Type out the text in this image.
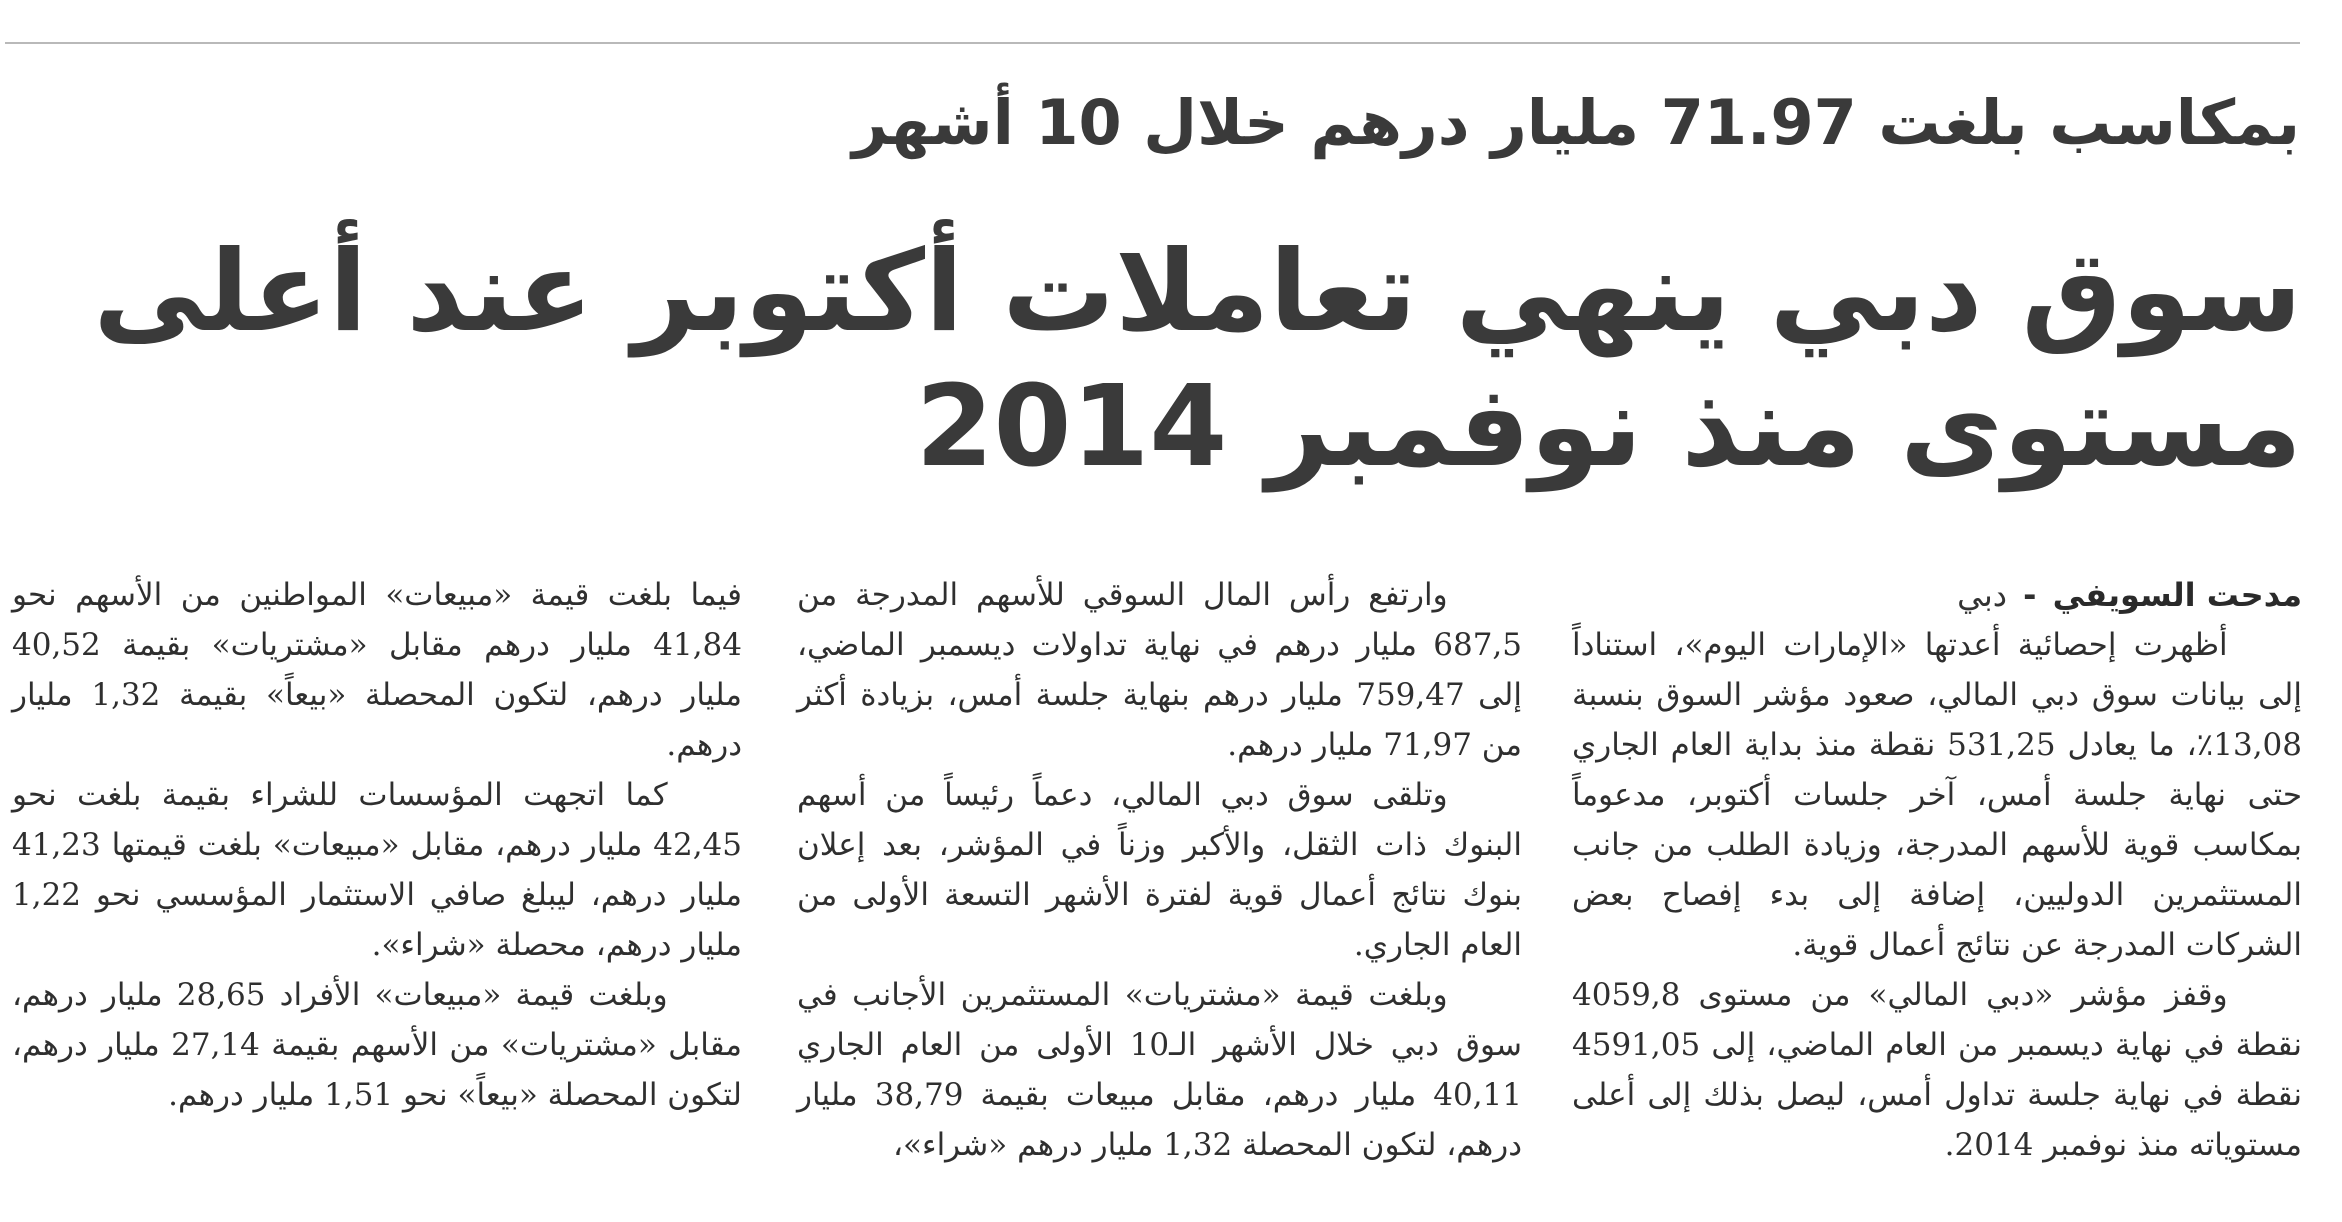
بمكاسب بلغت 71.97 مليار درهم خلال 10 أشهر
سوق دبي ينهي تعاملات أكتوبر عند أعلى
مستوى منذ نوفمبر 2014
مدحت السويفي - دبي
أظهرت إحصائية أعدتها «الإمارات اليوم»، استناداً إلى بيانات سوق دبي المالي، صعود مؤشر السوق بنسبة 13,08٪، ما يعادل 531,25 نقطة منذ بداية العام الجاري حتى نهاية جلسة أمس، آخر جلسات أكتوبر، مدعوماً بمكاسب قوية للأسهم المدرجة، وزيادة الطلب من جانب المستثمرين الدوليين، إضافة إلى بدء إفصاح بعض الشركات المدرجة عن نتائج أعمال قوية.
وقفز مؤشر «دبي المالي» من مستوى 4059,8 نقطة في نهاية ديسمبر من العام الماضي، إلى 4591,05 نقطة في نهاية جلسة تداول أمس، ليصل بذلك إلى أعلى مستوياته منذ نوفمبر 2014.
وارتفع رأس المال السوقي للأسهم المدرجة من 687,5 مليار درهم في نهاية تداولات ديسمبر الماضي، إلى 759,47 مليار درهم بنهاية جلسة أمس، بزيادة أكثر من 71,97 مليار درهم.
وتلقى سوق دبي المالي، دعماً رئيساً من أسهم البنوك ذات الثقل، والأكبر وزناً في المؤشر، بعد إعلان بنوك نتائج أعمال قوية لفترة الأشهر التسعة الأولى من العام الجاري.
وبلغت قيمة «مشتريات» المستثمرين الأجانب في سوق دبي خلال الأشهر الـ10 الأولى من العام الجاري 40,11 مليار درهم، مقابل مبيعات بقيمة 38,79 مليار درهم، لتكون المحصلة 1,32 مليار درهم «شراء»،
فيما بلغت قيمة «مبيعات» المواطنين من الأسهم نحو 41,84 مليار درهم مقابل «مشتريات» بقيمة 40,52 مليار درهم، لتكون المحصلة «بيعاً» بقيمة 1,32 مليار درهم.
كما اتجهت المؤسسات للشراء بقيمة بلغت نحو 42,45 مليار درهم، مقابل «مبيعات» بلغت قيمتها 41,23 مليار درهم، ليبلغ صافي الاستثمار المؤسسي نحو 1,22 مليار درهم، محصلة «شراء».
وبلغت قيمة «مبيعات» الأفراد 28,65 مليار درهم، مقابل «مشتريات» من الأسهم بقيمة 27,14 مليار درهم، لتكون المحصلة «بيعاً» نحو 1,51 مليار درهم.
